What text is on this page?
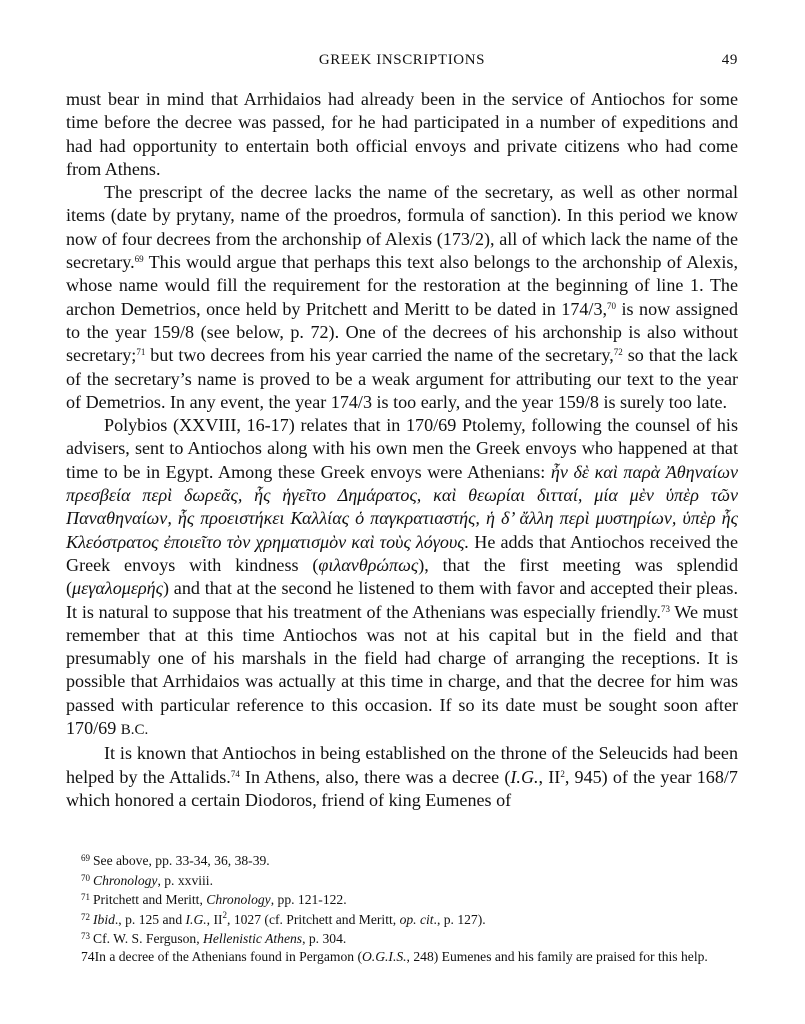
GREEK INSCRIPTIONS	49

must bear in mind that Arrhidaios had already been in the service of Antiochos for some time before the decree was passed, for he had participated in a number of expeditions and had had opportunity to entertain both official envoys and private citizens who had come from Athens.

The prescript of the decree lacks the name of the secretary, as well as other normal items (date by prytany, name of the proedros, formula of sanction). In this period we know now of four decrees from the archonship of Alexis (173/2), all of which lack the name of the secretary.$^{69}$ This would argue that perhaps this text also belongs to the archonship of Alexis, whose name would fill the requirement for the restoration at the beginning of line 1. The archon Demetrios, once held by Pritchett and Meritt to be dated in 174/3,70 is now assigned to the year 159/8 (see below, p. 72). One of the decrees of his archonship is also without secretary;$^{71}$ but two decrees from his year carried the name of the secretary,$^{72}$ so that the lack of the secretary’s name is proved to be a weak argument for attributing our text to the year of Demetrios. In any event, the year 174/3 is too early, and the year 159/8 is surely too late.

Polybios (XXVIII, 16-17) relates that in 170/69 Ptolemy, following the counsel of his advisers, sent to Antiochos along with his own men the Greek envoys who happened at that time to be in Egypt. Among these Greek envoys were Athenians: ἦν δὲ καὶ παρὰ Ἀθηναίων πρεσβεία περὶ δωρεᾶς, ἧς ἡγεῖτο Δημάρατος, καὶ θεωρίαι διτταί, μία μὲν ὑπὲρ τῶν Παναθηναίων, ἧς προειστήκει Καλλίας ὁ παγκρατιαστής, ἡ δ’ ἄλλη περὶ μυστηρίων, ὑπὲρ ἧς Κλεόστρατος ἐποιεῖτο τὸν χρηματισμὸν καὶ τοὺς λόγους. He adds that Antiochos received the Greek envoys with kindness (φιλανθρώπως), that the first meeting was splendid (μεγαλομερής) and that at the second he listened to them with favor and accepted their pleas. It is natural to suppose that his treatment of the Athenians was especially friendly.$^{73}$ We must remember that at this time Antiochos was not at his capital but in the field and that presumably one of his marshals in the field had charge of arranging the receptions. It is possible that Arrhidaios was actually at this time in charge, and that the decree for him was passed with particular reference to this occasion. If so its date must be sought soon after 170/69 B.C.

It is known that Antiochos in being established on the throne of the Seleucids had been helped by the Attalids.$^{74}$ In Athens, also, there was a decree (I.G., $II^2$, 945) of the year 168/7 which honored a certain Diodoros, friend of king Eumenes of

$^{69}$ See above, pp. 33-34, 36, 38-39.

$^{70}$ Chronology, p. xxviii.

$^{71}$ Pritchett and Meritt, Chronology, pp. 121-122.

$^{72}$ Ibid., p. 125 and I.G., $II^2$, 1027 (cf. Pritchett and Meritt, op. cit., p. 127).

$^{73}$ Cf. W. S. Ferguson, Hellenistic Athens, p. 304.

74In a decree of the Athenians found in Pergamon (O.G.I.S., 248) Eumenes and his family are praised for this help.
